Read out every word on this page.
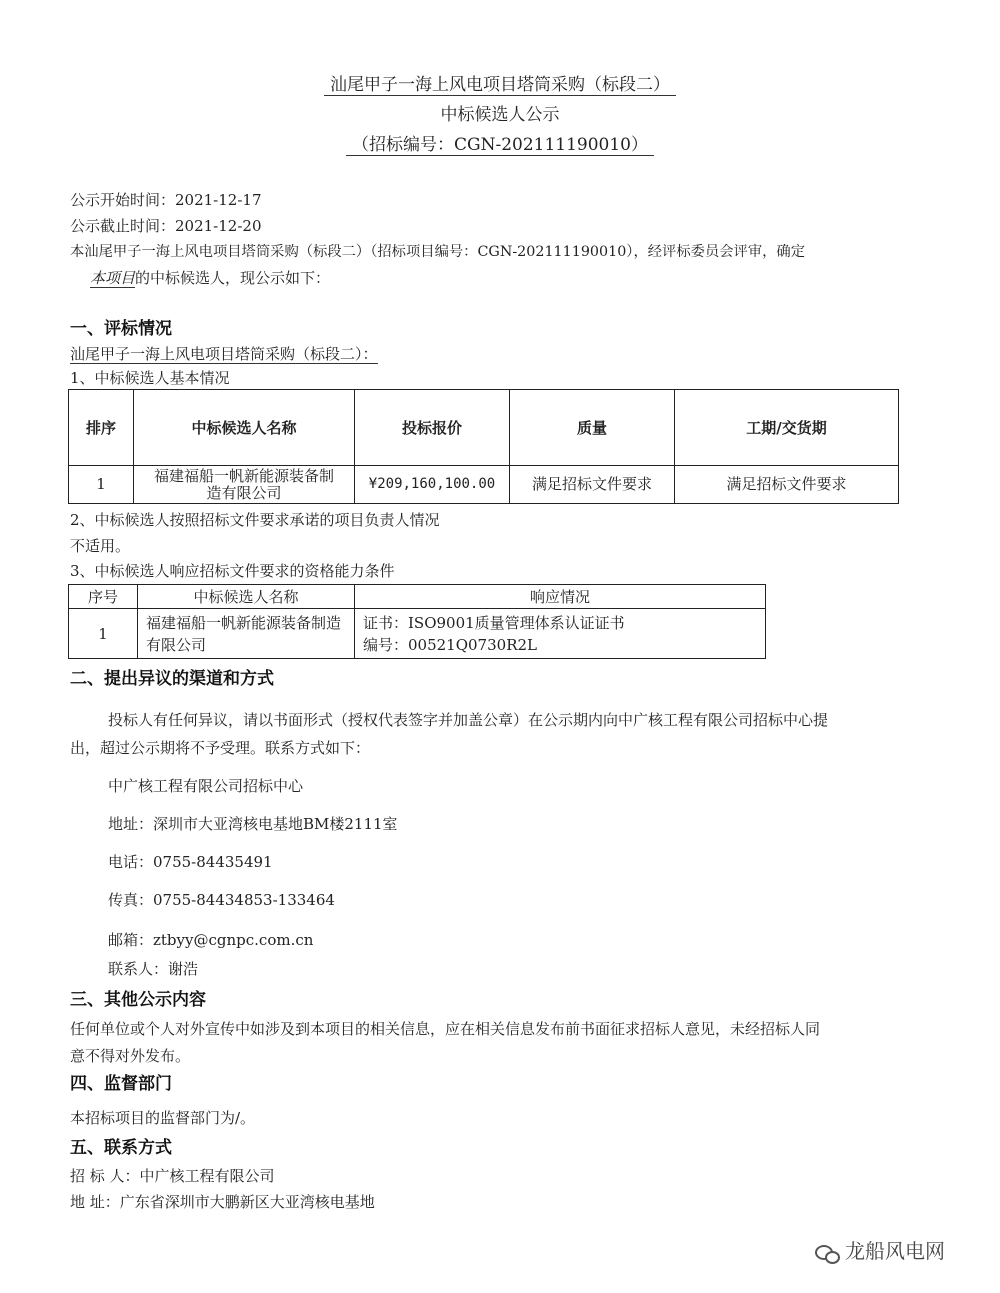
汕尾甲子一海上风电项目塔筒采购（标段二）
中标候选人公示
（招标编号：CGN-202111190010）
公示开始时间：2021-12-17
公示截止时间：2021-12-20
本汕尾甲子一海上风电项目塔筒采购（标段二）（招标项目编号：CGN-202111190010），经评标委员会评审，确定
本项目的中标候选人，现公示如下：
一、评标情况
汕尾甲子一海上风电项目塔筒采购（标段二）：
1、中标候选人基本情况
排序	中标候选人名称	投标报价	质量	工期/交货期
1	福建福船一帆新能源装备制造有限公司	¥209,160,100.00	满足招标文件要求	满足招标文件要求
2、中标候选人按照招标文件要求承诺的项目负责人情况
不适用。
3、中标候选人响应招标文件要求的资格能力条件
序号	中标候选人名称	响应情况
1	福建福船一帆新能源装备制造有限公司	证书：ISO9001质量管理体系认证证书
编号：00521Q0730R2L
二、提出异议的渠道和方式
投标人有任何异议，请以书面形式（授权代表签字并加盖公章）在公示期内向中广核工程有限公司招标中心提
出，超过公示期将不予受理。联系方式如下：
中广核工程有限公司招标中心
地址：深圳市大亚湾核电基地BM楼2111室
电话：0755-84435491
传真：0755-84434853-133464
邮箱：ztbyy@cgnpc.com.cn
联系人：谢浩
三、其他公示内容
任何单位或个人对外宣传中如涉及到本项目的相关信息，应在相关信息发布前书面征求招标人意见，未经招标人同
意不得对外发布。
四、监督部门
本招标项目的监督部门为/。
五、联系方式
招 标 人：中广核工程有限公司
地 址：广东省深圳市大鹏新区大亚湾核电基地
龙船风电网
